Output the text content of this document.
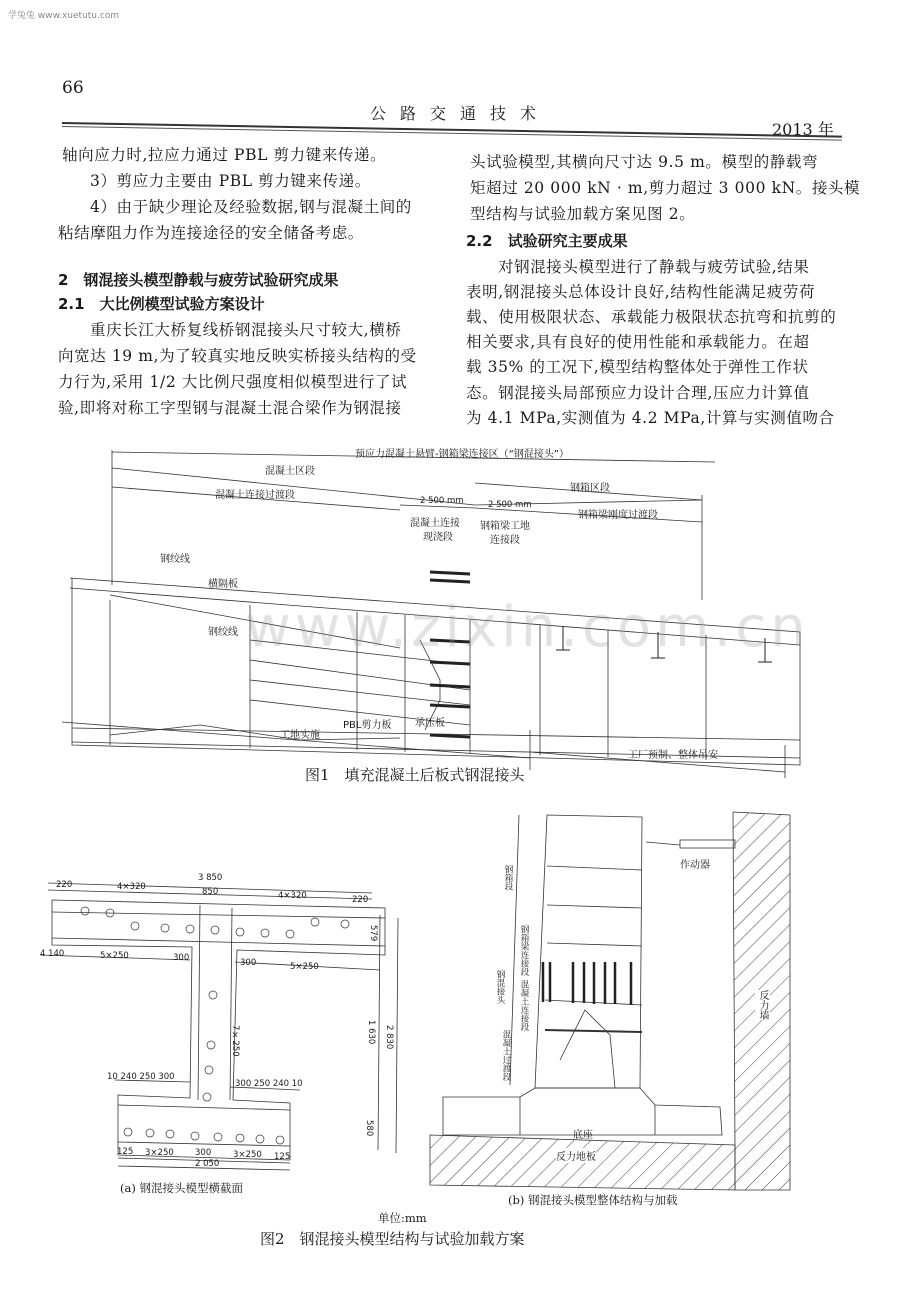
学兔兔 www.xuetutu.com
66
公路交通技术
2013 年
轴向应力时,拉应力通过 PBL 剪力键来传递。
3）剪应力主要由 PBL 剪力键来传递。
4）由于缺少理论及经验数据,钢与混凝土间的
粘结摩阻力作为连接途径的安全储备考虑。
2　钢混接头模型静载与疲劳试验研究成果
2.1　大比例模型试验方案设计
重庆长江大桥复线桥钢混接头尺寸较大,横桥
向宽达 19 m,为了较真实地反映实桥接头结构的受
力行为,采用 1/2 大比例尺强度相似模型进行了试
验,即将对称工字型钢与混凝土混合梁作为钢混接
头试验模型,其横向尺寸达 9.5 m。模型的静载弯
矩超过 20 000 kN · m,剪力超过 3 000 kN。接头模
型结构与试验加载方案见图 2。
2.2　试验研究主要成果
对钢混接头模型进行了静载与疲劳试验,结果
表明,钢混接头总体设计良好,结构性能满足疲劳荷
载、使用极限状态、承载能力极限状态抗弯和抗剪的
相关要求,具有良好的使用性能和承载能力。在超
载 35% 的工况下,模型结构整体处于弹性工作状
态。钢混接头局部预应力设计合理,压应力计算值
为 4.1 MPa,实测值为 4.2 MPa,计算与实测值吻合
www.zixin.com.cn
预应力混凝土悬臂-钢箱梁连接区（“钢混接头”）
混凝土区段
钢箱区段
混凝土连接过渡段	2 500 mm	2 500 mm
钢箱梁刚度过渡段
混凝土连接
现浇段
钢箱梁工地
连接段
钢绞线
横隔板
钢绞线
PBL剪力板 承压板
工地实施
工厂预制、整体吊安
图1　填充混凝土后板式钢混接头
3 850
220	4×320	850	4×320	220
4 140	5×250	300	300	5×250
579
1 630 2 830
580
7×250
10 240 250 300
300 250 240 10
125 3×250 300	3×250 125
2 050
(a) 钢混接头模型横截面
作动器
钢箱段
钢混接头
钢箱梁连接段
混凝土连接段
混凝土过渡段
反力墙
底座
反力地板
(b) 钢混接头模型整体结构与加载
单位:mm
图2　钢混接头模型结构与试验加载方案
